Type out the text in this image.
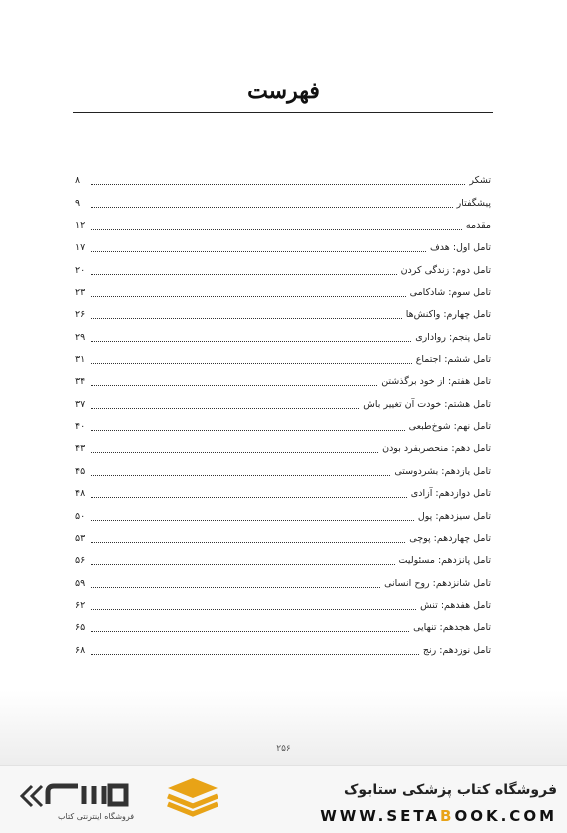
فهرست
تشکر
۸
پیشگفتار
۹
مقدمه
۱۲
تامل اول: هدف
۱۷
تامل دوم: زندگی کردن
۲۰
تامل سوم: شادکامی
۲۳
تامل چهارم: واکنش‌ها
۲۶
تامل پنجم: رواداری
۲۹
تامل ششم: اجتماع
۳۱
تامل هفتم: از خود برگذشتن
۳۴
تامل هشتم: خودت آن تغییر باش
۳۷
تامل نهم: شوخ‌طبعی
۴۰
تامل دهم: منحصربفرد بودن
۴۳
تامل یازدهم: بشردوستی
۴۵
تامل دوازدهم: آزادی
۴۸
تامل سیزدهم: پول
۵۰
تامل چهاردهم: پوچی
۵۳
تامل پانزدهم: مسئولیت
۵۶
تامل شانزدهم: روح انسانی
۵۹
تامل هفدهم: تنش
۶۲
تامل هجدهم: تنهایی
۶۵
تامل نوزدهم: رنج
۶۸
۲۵۶
فروشگاه اینترنتی کتاب
فروشگاه کتاب پزشکی ستابوک
WWW.SETABOOK.COM
